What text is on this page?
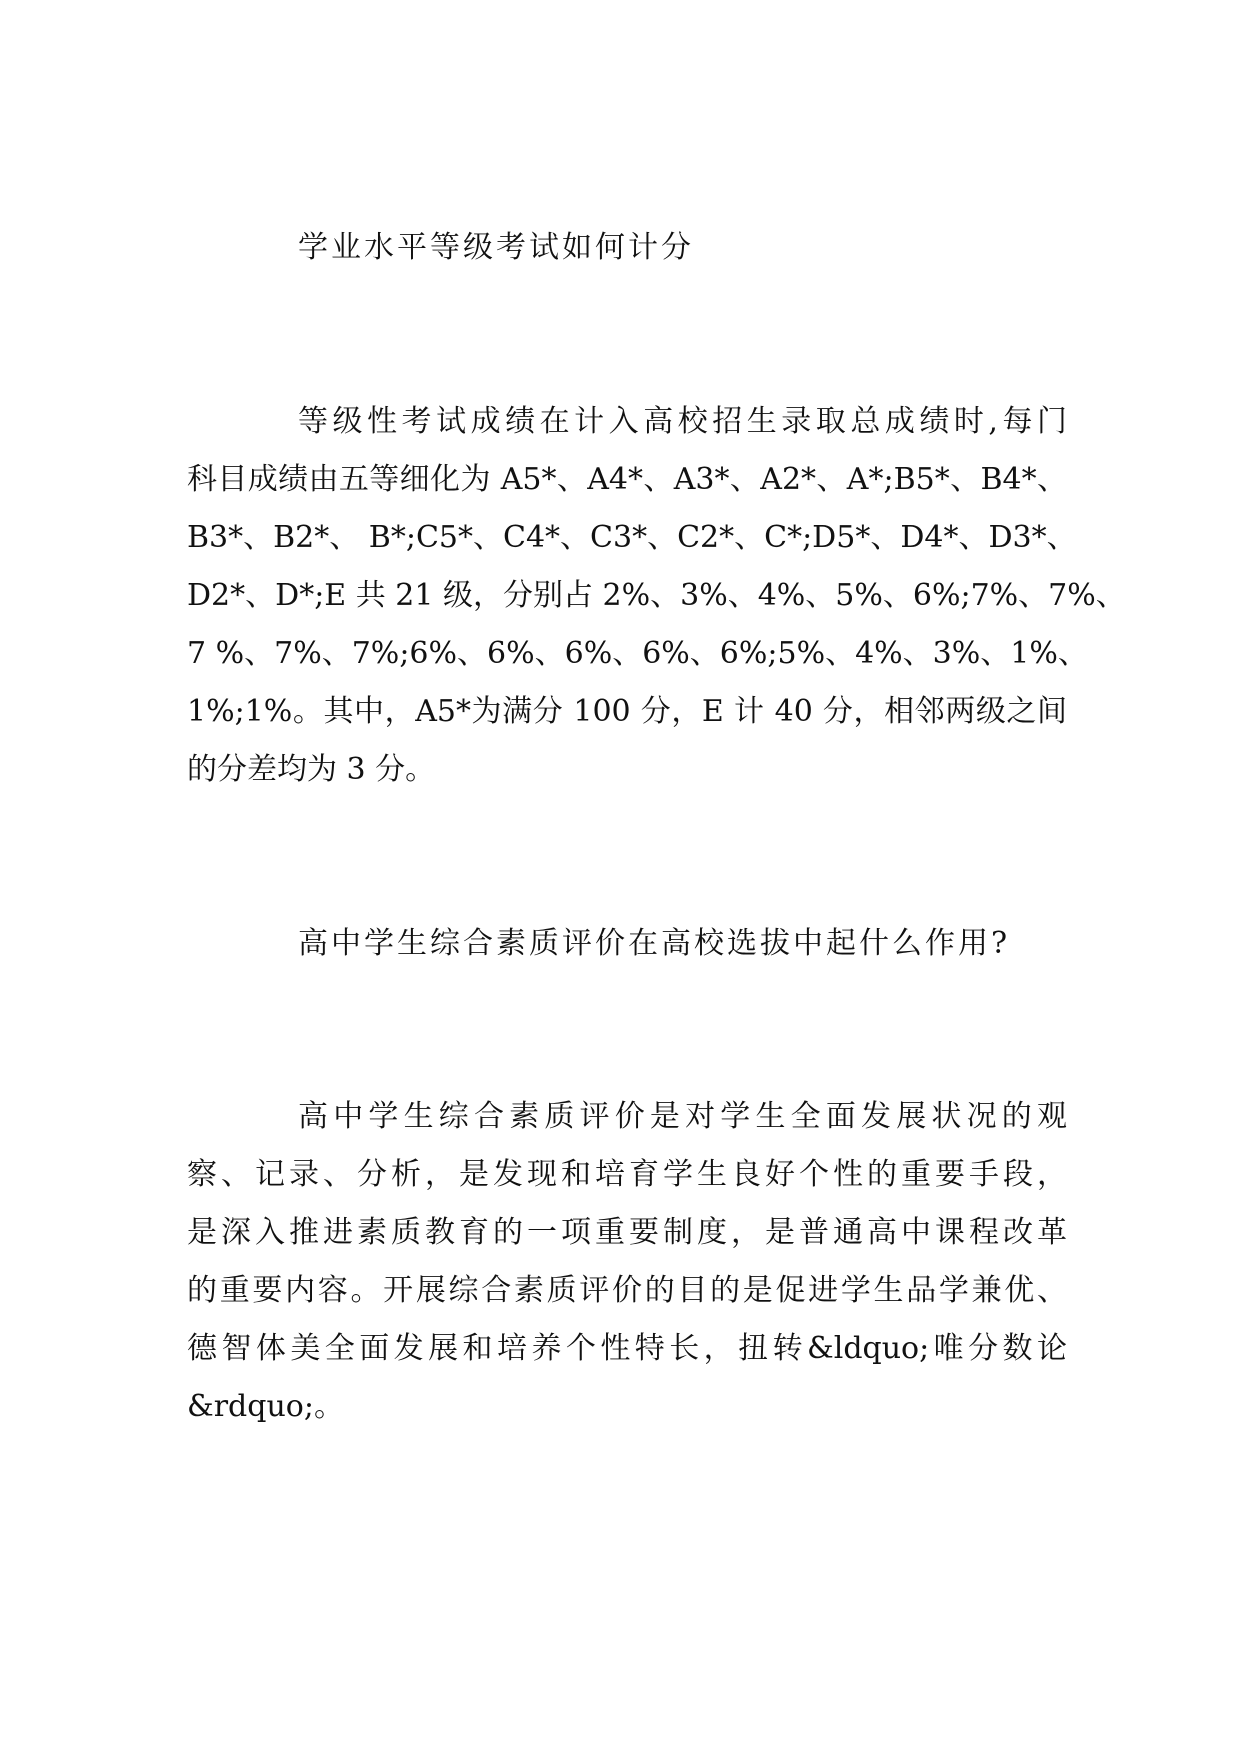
学业水平等级考试如何计分
等级性考试成绩在计入高校招生录取总成绩时,每门
科目成绩由五等细化为 A5*、A4*、A3*、A2*、A*;B5*、B4*、
B3*、B2*、 B*;C5*、C4*、C3*、C2*、C*;D5*、D4*、D3*、
D2*、D*;E 共 21 级，分别占 2%、3%、4%、5%、6%;7%、7%、
7 %、7%、7%;6%、6%、6%、6%、6%;5%、4%、3%、1%、
1%;1%。其中，A5*为满分 100 分，E 计 40 分，相邻两级之间
的分差均为 3 分。
高中学生综合素质评价在高校选拔中起什么作用?
高中学生综合素质评价是对学生全面发展状况的观
察、记录、分析，是发现和培育学生良好个性的重要手段，
是深入推进素质教育的一项重要制度，是普通高中课程改革
的重要内容。开展综合素质评价的目的是促进学生品学兼优、
德智体美全面发展和培养个性特长，扭转&ldquo;唯分数论
&rdquo;。
